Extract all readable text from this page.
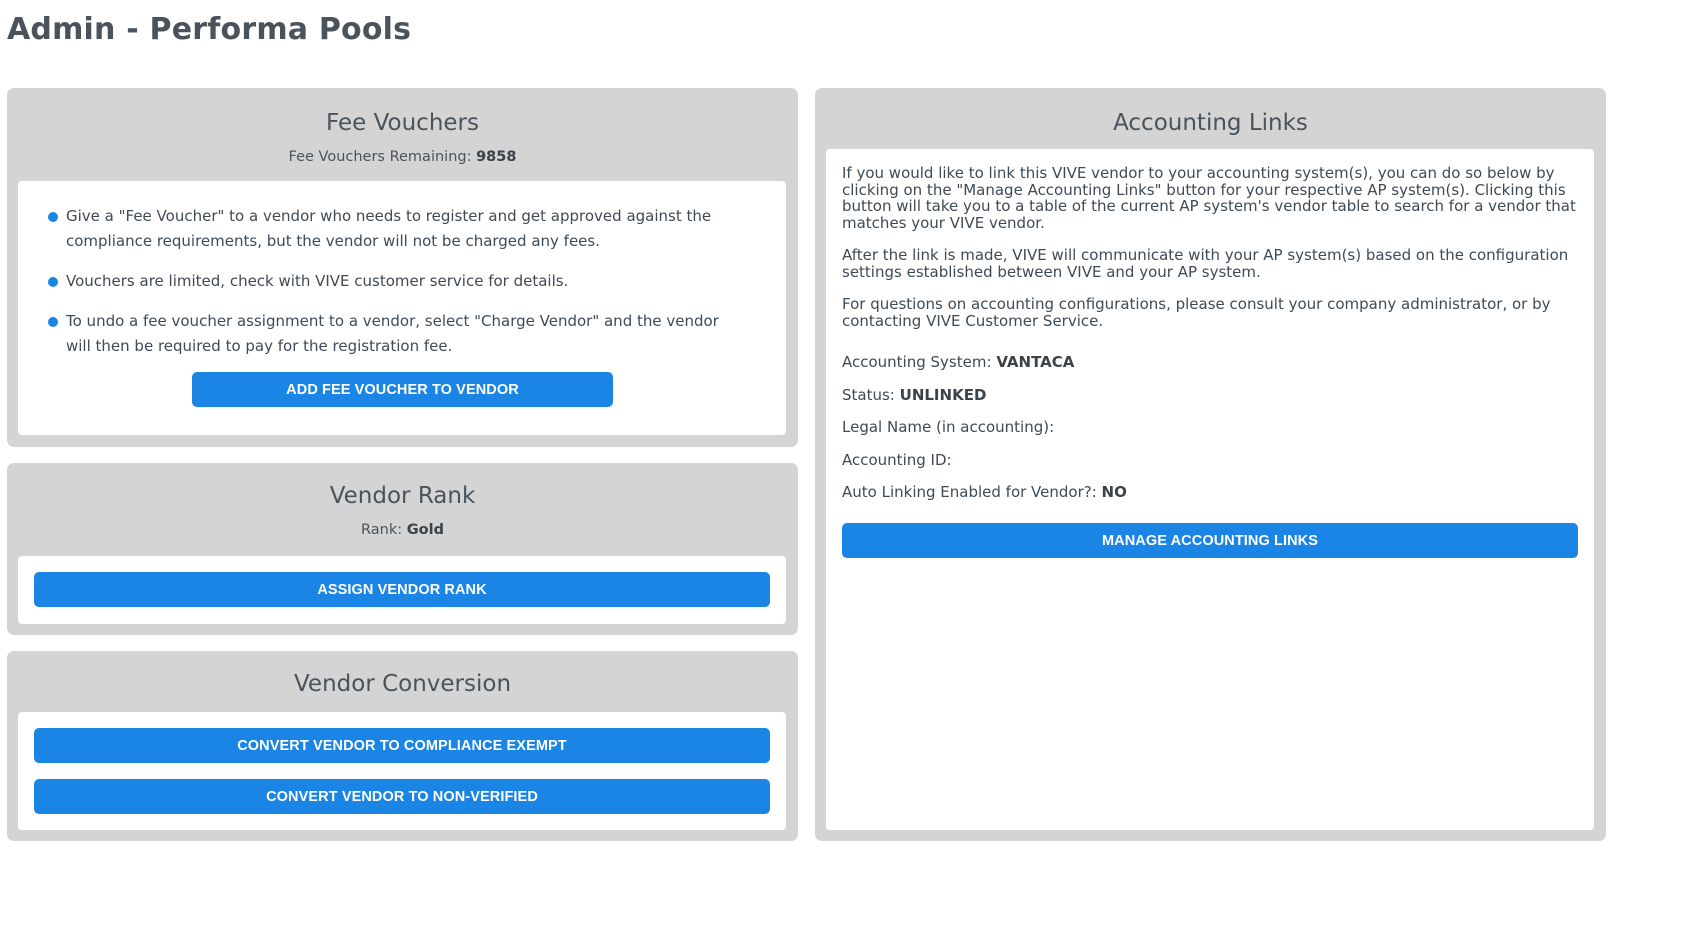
Admin - Performa Pools
Fee Vouchers
Fee Vouchers Remaining: 9858
Give a "Fee Voucher" to a vendor who needs to register and get approved against the compliance requirements, but the vendor will not be charged any fees.
Vouchers are limited, check with VIVE customer service for details.
To undo a fee voucher assignment to a vendor, select "Charge Vendor" and the vendor will then be required to pay for the registration fee.
ADD FEE VOUCHER TO VENDOR
Vendor Rank
Rank: Gold
ASSIGN VENDOR RANK
Vendor Conversion
CONVERT VENDOR TO COMPLIANCE EXEMPT
CONVERT VENDOR TO NON-VERIFIED
Accounting Links

If you would like to link this VIVE vendor to your accounting system(s), you can do so below by clicking on the "Manage Accounting Links" button for your respective AP system(s). Clicking this button will take you to a table of the current AP system's vendor table to search for a vendor that matches your VIVE vendor.

After the link is made, VIVE will communicate with your AP system(s) based on the configuration settings established between VIVE and your AP system.

For questions on accounting configurations, please consult your company administrator, or by contacting VIVE Customer Service.

Accounting System: VANTACA
Status: UNLINKED
Legal Name (in accounting):
Accounting ID:
Auto Linking Enabled for Vendor?: NO
MANAGE ACCOUNTING LINKS
